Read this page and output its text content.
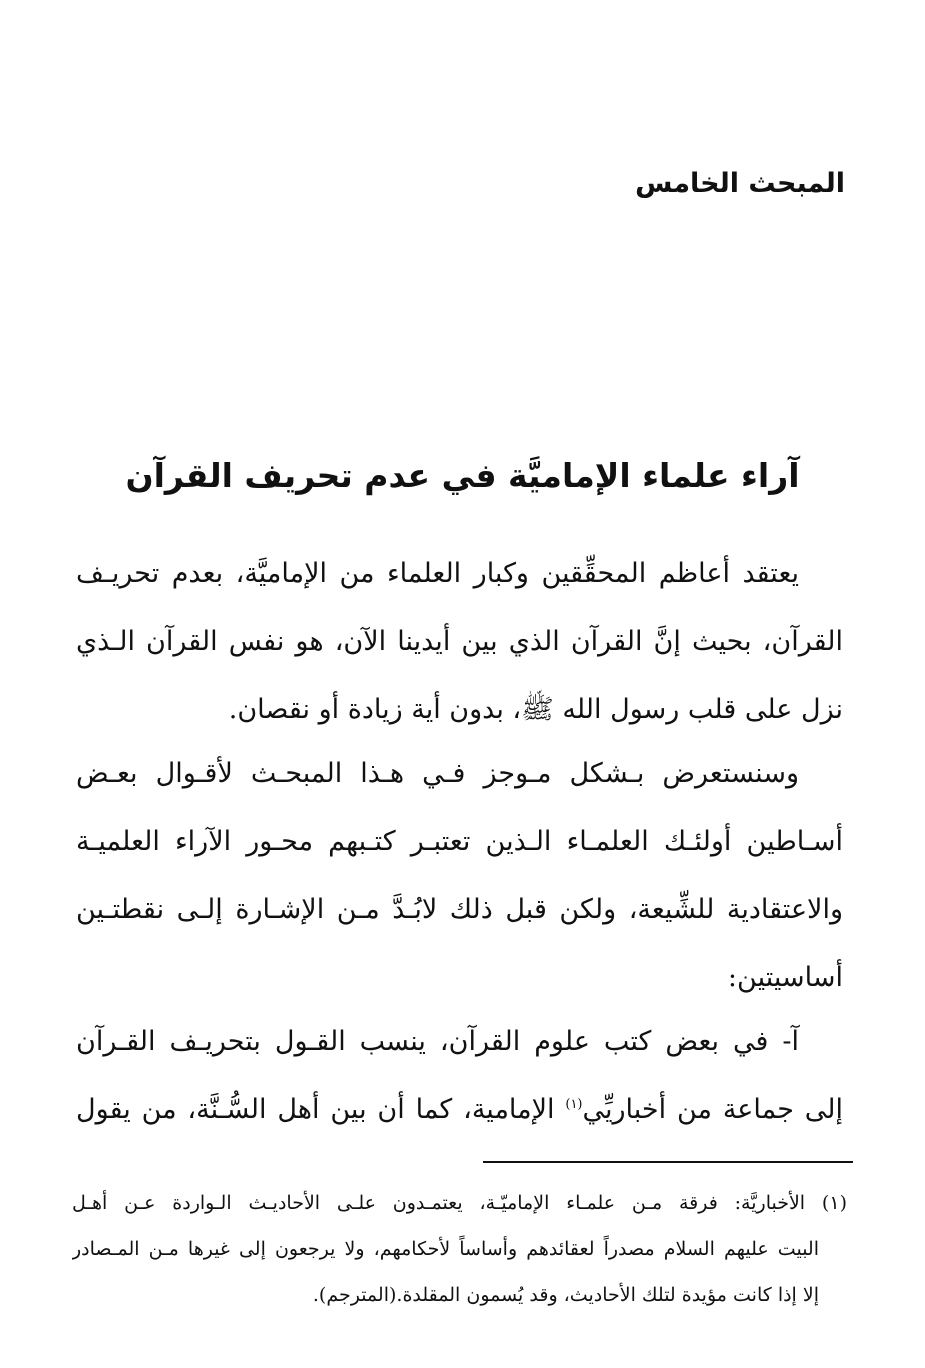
المبحث الخامس
آراء علماء الإماميَّة في عدم تحريف القرآن
يعتقد أعاظم المحقِّقين وكبار العلماء من الإماميَّة، بعدم تحريـف
القرآن، بحيث إنَّ القرآن الذي بين أيدينا الآن، هو نفس القرآن الـذي
نزل على قلب رسول الله ﷺ، بدون أية زيادة أو نقصان.
وسنستعرض بـشكل مـوجز فـي هـذا المبحـث لأقـوال بعـض
أسـاطين أولئـك العلمـاء الـذين تعتبـر كتـبهم محـور الآراء العلميـة
والاعتقادية للشِّيعة، ولكن قبل ذلك لابُـدَّ مـن الإشـارة إلـى نقطتـين
أساسيتين:
آ- في بعض كتب علوم القرآن، ينسب القـول بتحريـف القـرآن
إلى جماعة من أخباريِّي$^{(١)}$ الإمامية، كما أن بين أهل السُّـنَّة، من يقول
(١) الأخباريَّة: فرقة مـن علمـاء الإماميّـة، يعتمـدون علـى الأحاديـث الـواردة عـن أهـل
البيت عليهم السلام مصدراً لعقائدهم وأساساً لأحكامهم، ولا يرجعون إلى غيرها مـن المـصادر
إلا إذا كانت مؤيدة لتلك الأحاديث، وقد يُسمون المقلدة.(المترجم).
